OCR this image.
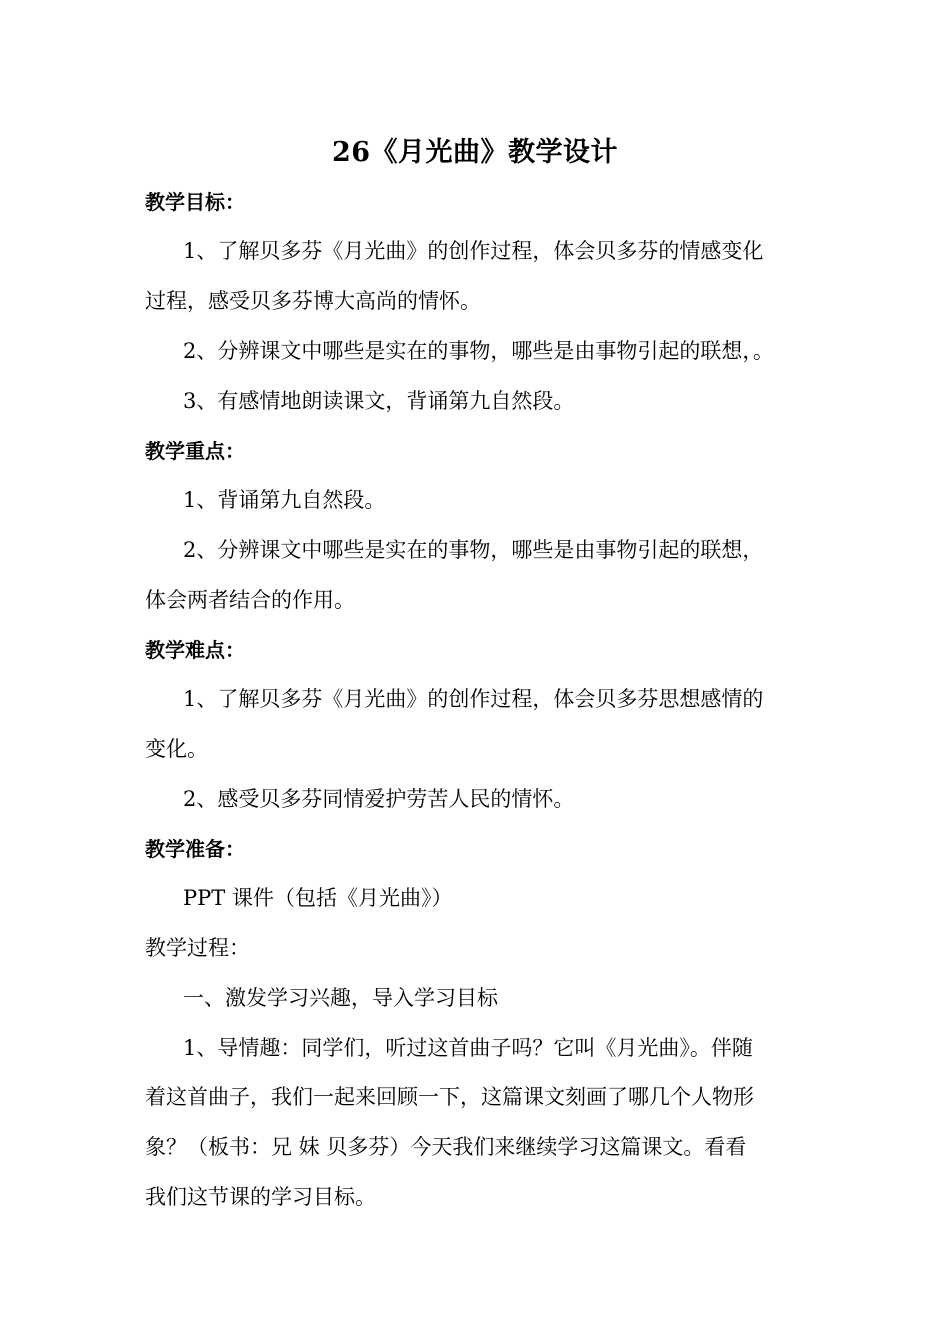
26《月光曲》教学设计
教学目标：
1、了解贝多芬《月光曲》的创作过程，体会贝多芬的情感变化
过程，感受贝多芬博大高尚的情怀。
2、分辨课文中哪些是实在的事物，哪些是由事物引起的联想，。
3、有感情地朗读课文，背诵第九自然段。
教学重点：
1、背诵第九自然段。
2、分辨课文中哪些是实在的事物，哪些是由事物引起的联想，
体会两者结合的作用。
教学难点：
1、了解贝多芬《月光曲》的创作过程，体会贝多芬思想感情的
变化。
2、感受贝多芬同情爱护劳苦人民的情怀。
教学准备：
PPT 课件（包括《月光曲》）
教学过程：
一、激发学习兴趣，导入学习目标
1、导情趣：同学们，听过这首曲子吗？它叫《月光曲》。伴随
着这首曲子，我们一起来回顾一下，这篇课文刻画了哪几个人物形
象？（板书：兄 妹 贝多芬）今天我们来继续学习这篇课文。看看
我们这节课的学习目标。
